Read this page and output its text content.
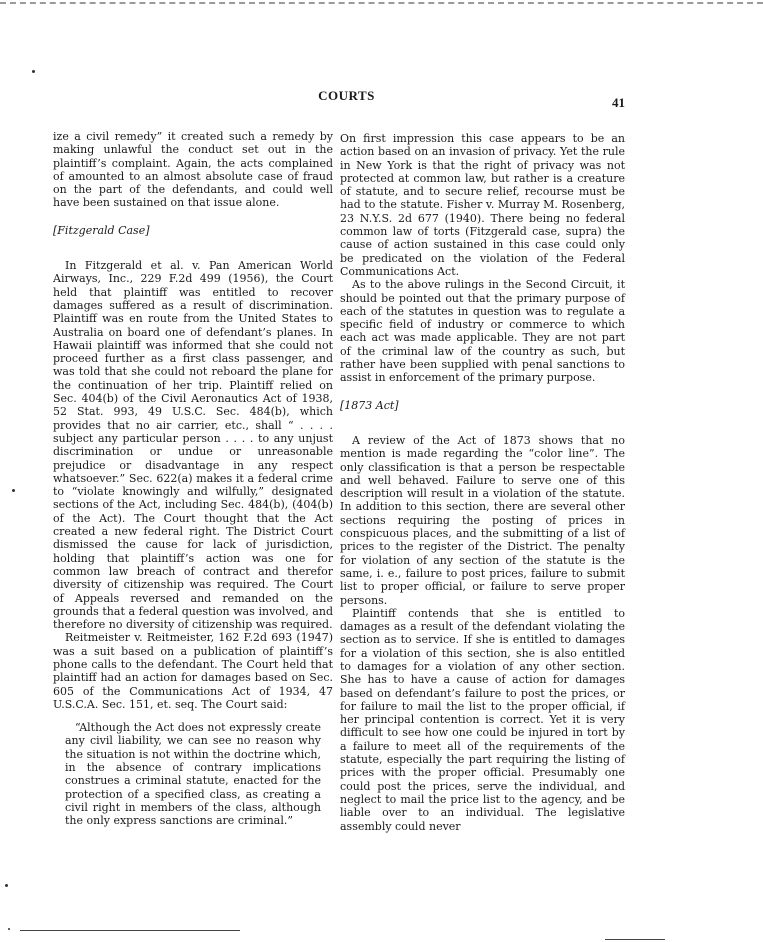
COURTS	41

ize a civil remedy” it created such a remedy by making unlawful the conduct set out in the plaintiff’s complaint. Again, the acts complained of amounted to an almost absolute case of fraud on the part of the defendants, and could well have been sustained on that issue alone.

[Fitzgerald Case]

In Fitzgerald et al. v. Pan American World Airways, Inc., 229 F.2d 499 (1956), the Court held that plaintiff was entitled to recover damages suffered as a result of discrimination. Plaintiff was en route from the United States to Australia on board one of defendant’s planes. In Hawaii plaintiff was informed that she could not proceed further as a first class passenger, and was told that she could not reboard the plane for the continuation of her trip. Plaintiff relied on Sec. 404(b) of the Civil Aeronautics Act of 1938, 52 Stat. 993, 49 U.S.C. Sec. 484(b), which provides that no air carrier, etc., shall “ . . . . subject any particular person . . . . to any unjust discrimination or undue or unreasonable prejudice or disadvantage in any respect whatsoever.” Sec. 622(a) makes it a federal crime to “violate knowingly and wilfully,” designated sections of the Act, including Sec. 484(b), (404(b) of the Act). The Court thought that the Act created a new federal right. The District Court dismissed the cause for lack of jurisdiction, holding that plaintiff’s action was one for common law breach of contract and therefor diversity of citizenship was required. The Court of Appeals reversed and remanded on the grounds that a federal question was involved, and therefore no diversity of citizenship was required.

Reitmeister v. Reitmeister, 162 F.2d 693 (1947) was a suit based on a publication of plaintiff’s phone calls to the defendant. The Court held that plaintiff had an action for damages based on Sec. 605 of the Communications Act of 1934, 47 U.S.C.A. Sec. 151, et. seq. The Court said:

“Although the Act does not expressly create any civil liability, we can see no reason why the situation is not within the doctrine which, in the absence of contrary implications construes a criminal statute, enacted for the protection of a specified class, as creating a civil right in members of the class, although the only express sanctions are criminal.”

On first impression this case appears to be an action based on an invasion of privacy. Yet the rule in New York is that the right of privacy was not protected at common law, but rather is a creature of statute, and to secure relief, recourse must be had to the statute. Fisher v. Murray M. Rosenberg, 23 N.Y.S. 2d 677 (1940). There being no federal common law of torts (Fitzgerald case, supra) the cause of action sustained in this case could only be predicated on the violation of the Federal Communications Act.

As to the above rulings in the Second Circuit, it should be pointed out that the primary purpose of each of the statutes in question was to regulate a specific field of industry or commerce to which each act was made applicable. They are not part of the criminal law of the country as such, but rather have been supplied with penal sanctions to assist in enforcement of the primary purpose.

[1873 Act]

A review of the Act of 1873 shows that no mention is made regarding the “color line”. The only classification is that a person be respectable and well behaved. Failure to serve one of this description will result in a violation of the statute. In addition to this section, there are several other sections requiring the posting of prices in conspicuous places, and the submitting of a list of prices to the register of the District. The penalty for violation of any section of the statute is the same, i. e., failure to post prices, failure to submit list to proper official, or failure to serve proper persons.

Plaintiff contends that she is entitled to damages as a result of the defendant violating the section as to service. If she is entitled to damages for a violation of this section, she is also entitled to damages for a violation of any other section. She has to have a cause of action for damages based on defendant’s failure to post the prices, or for failure to mail the list to the proper official, if her principal contention is correct. Yet it is very difficult to see how one could be injured in tort by a failure to meet all of the requirements of the statute, especially the part requiring the listing of prices with the proper official. Presumably one could post the prices, serve the individual, and neglect to mail the price list to the agency, and be liable over to an individual. The legislative assembly could never
